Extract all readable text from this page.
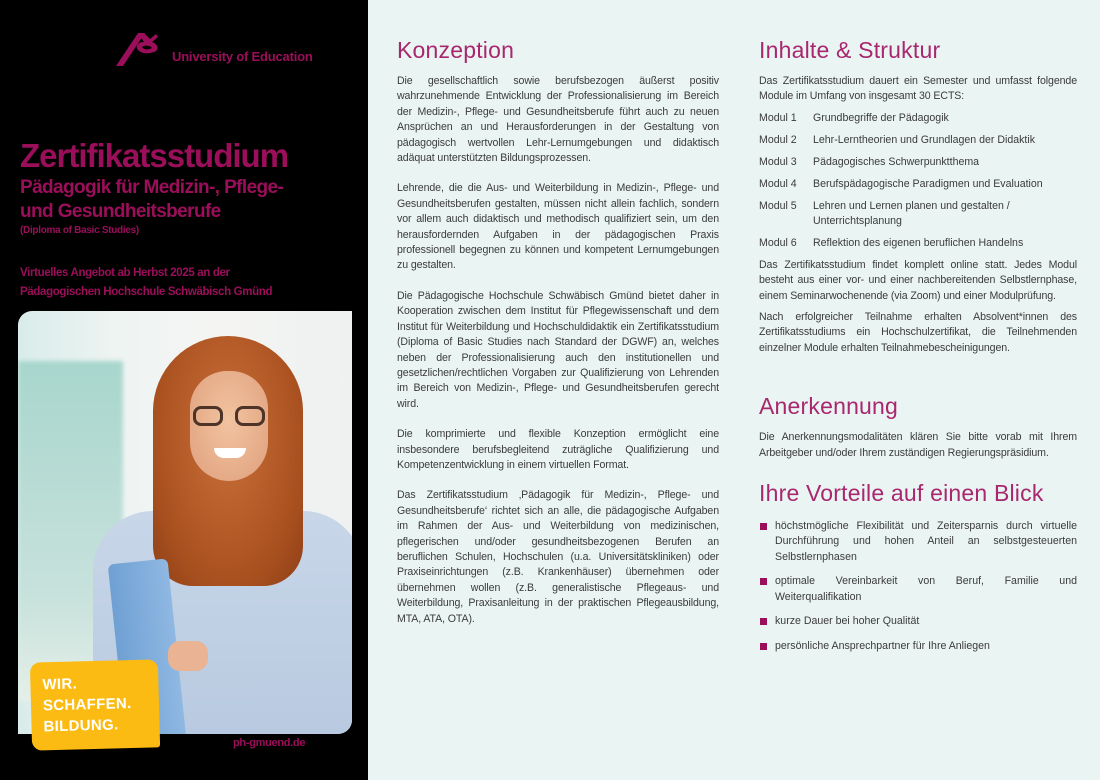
University of Education
Zertifikatsstudium
Pädagogik für Medizin-, Pflege-
und Gesundheitsberufe
(Diploma of Basic Studies)
Virtuelles Angebot ab Herbst 2025 an der
Pädagogischen Hochschule Schwäbisch Gmünd
WIR.
SCHAFFEN.
BILDUNG.
ph-gmuend.de
Konzeption

Die gesellschaftlich sowie berufsbezogen äußerst positiv wahrzunehmende Entwicklung der Professionalisierung im Bereich der Medizin-, Pflege- und Gesundheitsberufe führt auch zu neuen Ansprüchen an und Herausforderungen in der Gestaltung von pädagogisch wertvollen Lehr-Lernumgebungen und didaktisch adäquat unterstützten Bildungsprozessen.

Lehrende, die die Aus- und Weiterbildung in Medizin-, Pflege- und Gesundheitsberufen gestalten, müssen nicht allein fachlich, sondern vor allem auch didaktisch und methodisch qualifiziert sein, um den herausfordernden Aufgaben in der pädagogischen Praxis professionell begegnen zu können und kompetent Lernumgebungen zu gestalten.

Die Pädagogische Hochschule Schwäbisch Gmünd bietet daher in Kooperation zwischen dem Institut für Pflegewissenschaft und dem Institut für Weiterbildung und Hochschuldidaktik ein Zertifikatsstudium (Diploma of Basic Studies nach Standard der DGWF) an, welches neben der Professionalisierung auch den institutionellen und gesetzlichen/rechtlichen Vorgaben zur Qualifizierung von Lehrenden im Bereich von Medizin-, Pflege- und Gesundheitsberufen gerecht wird.

Die komprimierte und flexible Konzeption ermöglicht eine insbesondere berufsbegleitend zuträgliche Qualifizierung und Kompetenzentwicklung in einem virtuellen Format.

Das Zertifikatsstudium ‚Pädagogik für Medizin-, Pflege- und Gesundheitsberufe‘ richtet sich an alle, die pädagogische Aufgaben im Rahmen der Aus- und Weiterbildung von medizinischen, pflegerischen und/oder gesundheitsbezogenen Berufen an beruflichen Schulen, Hochschulen (u.a. Universitätskliniken) oder Praxiseinrichtungen (z.B. Krankenhäuser) übernehmen oder übernehmen wollen (z.B. generalistische Pflegeaus- und Weiterbildung, Praxisanleitung in der praktischen Pflegeausbildung, MTA, ATA, OTA).

Inhalte & Struktur

Das Zertifikatsstudium dauert ein Semester und umfasst folgende Module im Umfang von insgesamt 30 ECTS:

Modul 1	Grundbegriffe der Pädagogik
Modul 2	Lehr-Lerntheorien und Grundlagen der Didaktik
Modul 3	Pädagogisches Schwerpunktthema
Modul 4	Berufspädagogische Paradigmen und Evaluation
Modul 5	Lehren und Lernen planen und gestalten / Unterrichtsplanung
Modul 6	Reflektion des eigenen beruflichen Handelns

Das Zertifikatsstudium findet komplett online statt. Jedes Modul besteht aus einer vor- und einer nachbereitenden Selbstlernphase, einem Seminarwochenende (via Zoom) und einer Modulprüfung.

Nach erfolgreicher Teilnahme erhalten Absolvent*innen des Zertifikatsstudiums ein Hochschulzertifikat, die Teilnehmenden einzelner Module erhalten Teilnahmebescheinigungen.

Anerkennung

Die Anerkennungsmodalitäten klären Sie bitte vorab mit Ihrem Arbeitgeber und/oder Ihrem zuständigen Regierungspräsidium.

Ihre Vorteile auf einen Blick
höchstmögliche Flexibilität und Zeitersparnis durch virtuelle Durchführung und hohen Anteil an selbstgesteuerten Selbstlernphasen
optimale Vereinbarkeit von Beruf, Familie und Weiterqualifikation
kurze Dauer bei hoher Qualität
persönliche Ansprechpartner für Ihre Anliegen
